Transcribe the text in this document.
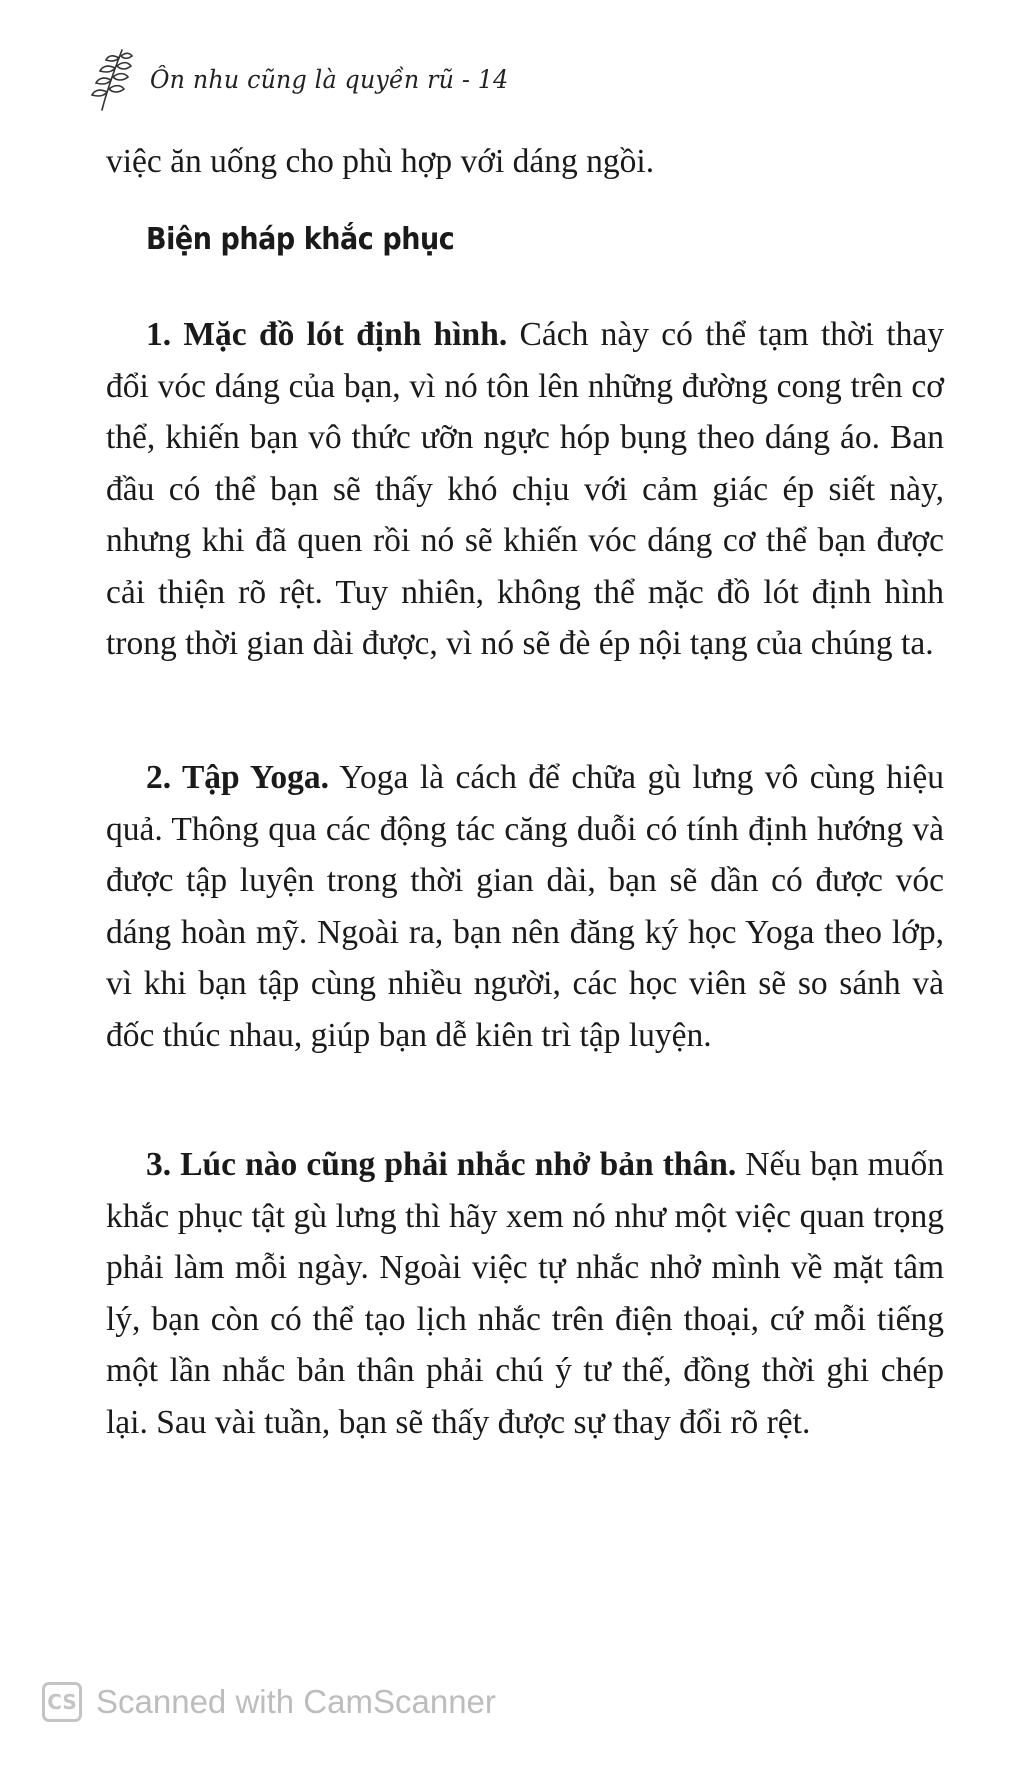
Ôn nhu cũng là quyền rũ - 14
việc ăn uống cho phù hợp với dáng ngồi.
Biện pháp khắc phục

1. Mặc đồ lót định hình. Cách này có thể tạm thời thay đổi vóc dáng của bạn, vì nó tôn lên những đường cong trên cơ thể, khiến bạn vô thức ưỡn ngực hóp bụng theo dáng áo. Ban đầu có thể bạn sẽ thấy khó chịu với cảm giác ép siết này, nhưng khi đã quen rồi nó sẽ khiến vóc dáng cơ thể bạn được cải thiện rõ rệt. Tuy nhiên, không thể mặc đồ lót định hình trong thời gian dài được, vì nó sẽ đè ép nội tạng của chúng ta.

2. Tập Yoga. Yoga là cách để chữa gù lưng vô cùng hiệu quả. Thông qua các động tác căng duỗi có tính định hướng và được tập luyện trong thời gian dài, bạn sẽ dần có được vóc dáng hoàn mỹ. Ngoài ra, bạn nên đăng ký học Yoga theo lớp, vì khi bạn tập cùng nhiều người, các học viên sẽ so sánh và đốc thúc nhau, giúp bạn dễ kiên trì tập luyện.

3. Lúc nào cũng phải nhắc nhở bản thân. Nếu bạn muốn khắc phục tật gù lưng thì hãy xem nó như một việc quan trọng phải làm mỗi ngày. Ngoài việc tự nhắc nhở mình về mặt tâm lý, bạn còn có thể tạo lịch nhắc trên điện thoại, cứ mỗi tiếng một lần nhắc bản thân phải chú ý tư thế, đồng thời ghi chép lại. Sau vài tuần, bạn sẽ thấy được sự thay đổi rõ rệt.

CS Scanned with CamScanner
